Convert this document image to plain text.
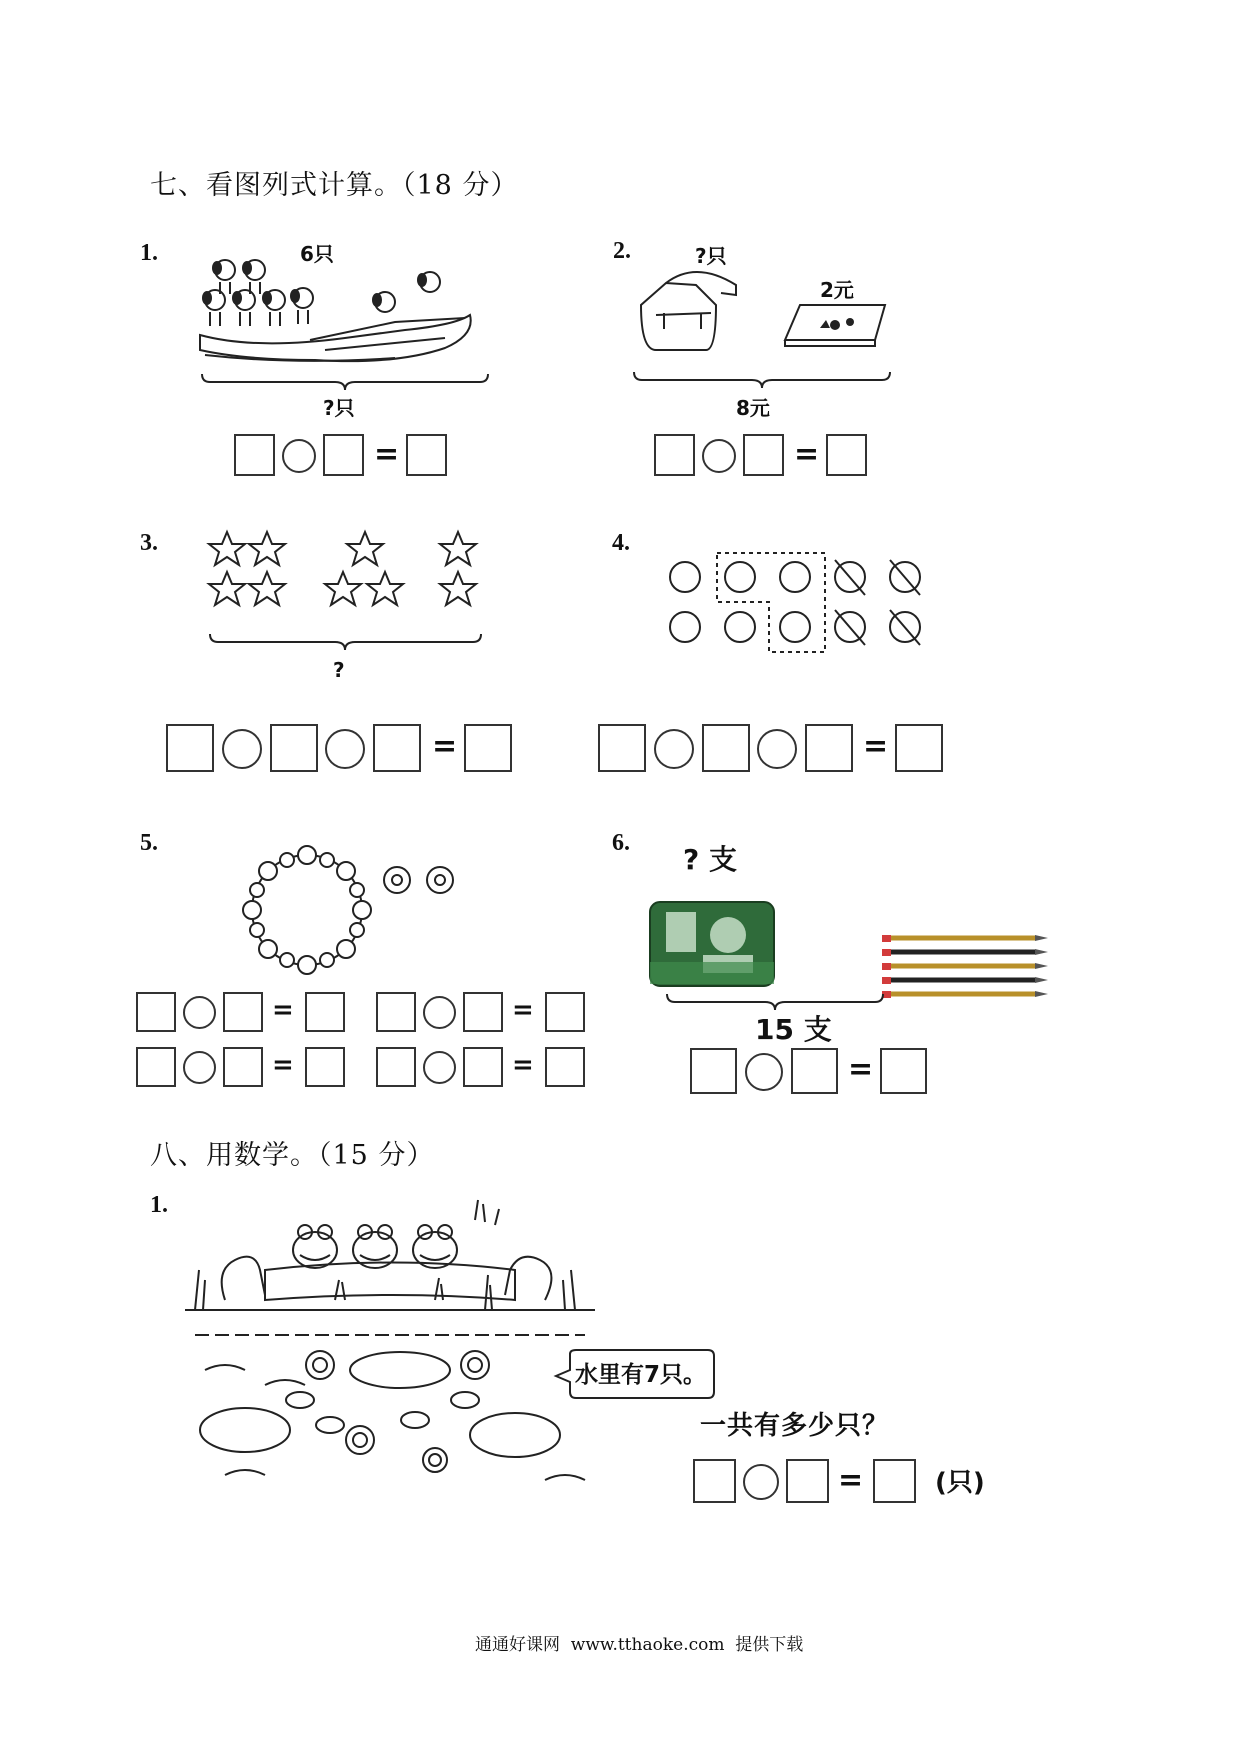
七、看图列式计算。（18 分）
1.	6只
?只
=
2.	?只
2元
8元
=
3.
?
=
4.
=
5.
=	=
=	=
6. ? 支
15 支
=
八、用数学。（15 分）
1.
水里有7只。
一共有多少只？
=	(只)
通通好课网  www.tthaoke.com  提供下载
